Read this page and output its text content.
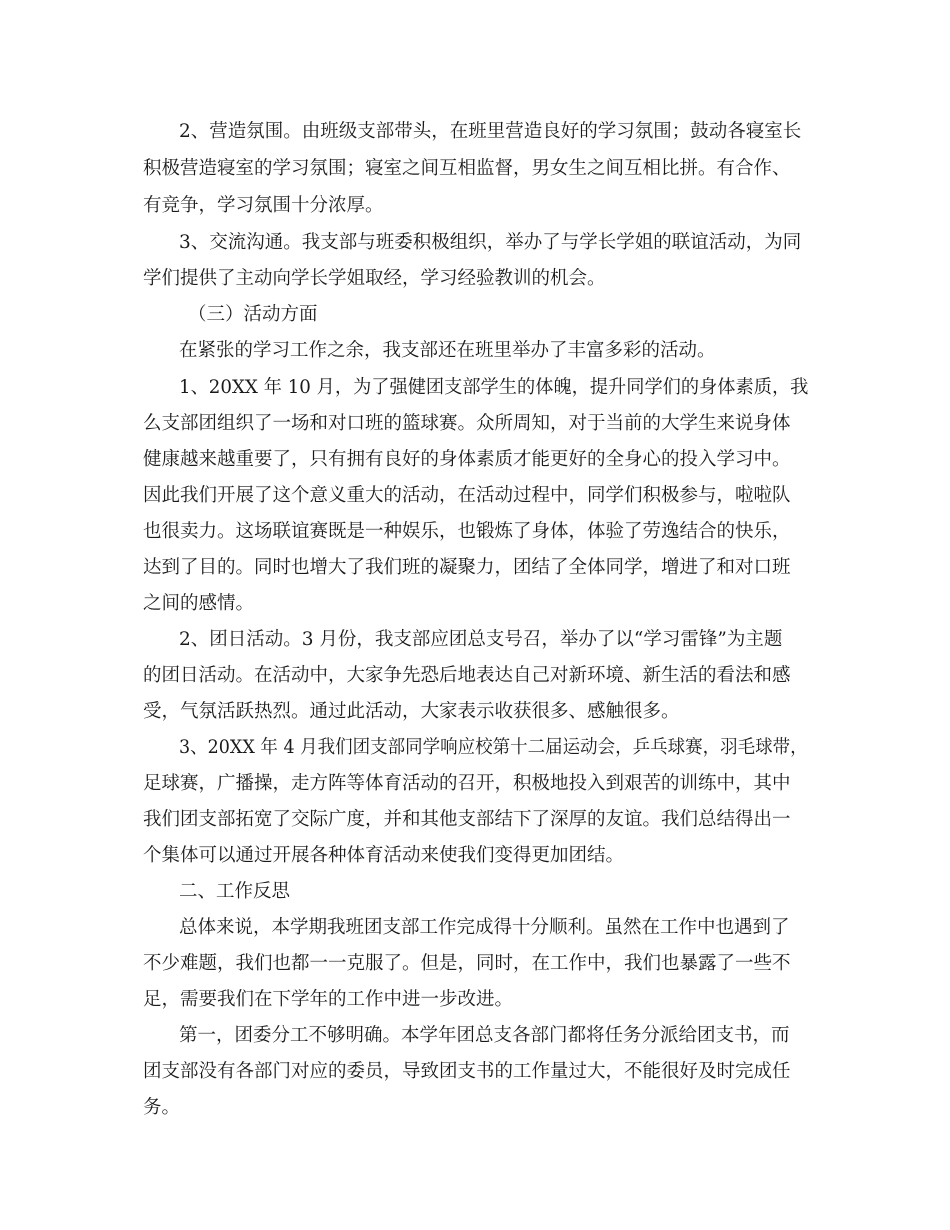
2、营造氛围。由班级支部带头，在班里营造良好的学习氛围；鼓动各寝室长
积极营造寝室的学习氛围；寝室之间互相监督，男女生之间互相比拼。有合作、
有竞争，学习氛围十分浓厚。
3、交流沟通。我支部与班委积极组织，举办了与学长学姐的联谊活动，为同
学们提供了主动向学长学姐取经，学习经验教训的机会。
（三）活动方面
在紧张的学习工作之余，我支部还在班里举办了丰富多彩的活动。
1、20XX 年 10 月，为了强健团支部学生的体魄，提升同学们的身体素质，我
么支部团组织了一场和对口班的篮球赛。众所周知，对于当前的大学生来说身体
健康越来越重要了，只有拥有良好的身体素质才能更好的全身心的投入学习中。
因此我们开展了这个意义重大的活动，在活动过程中，同学们积极参与，啦啦队
也很卖力。这场联谊赛既是一种娱乐，也锻炼了身体，体验了劳逸结合的快乐，
达到了目的。同时也增大了我们班的凝聚力，团结了全体同学，增进了和对口班
之间的感情。
2、团日活动。3 月份，我支部应团总支号召，举办了以“学习雷锋”为主题
的团日活动。在活动中，大家争先恐后地表达自己对新环境、新生活的看法和感
受，气氛活跃热烈。通过此活动，大家表示收获很多、感触很多。
3、20XX 年 4 月我们团支部同学响应校第十二届运动会，乒乓球赛，羽毛球带，
足球赛，广播操，走方阵等体育活动的召开，积极地投入到艰苦的训练中，其中
我们团支部拓宽了交际广度，并和其他支部结下了深厚的友谊。我们总结得出一
个集体可以通过开展各种体育活动来使我们变得更加团结。
二、工作反思
总体来说，本学期我班团支部工作完成得十分顺利。虽然在工作中也遇到了
不少难题，我们也都一一克服了。但是，同时，在工作中，我们也暴露了一些不
足，需要我们在下学年的工作中进一步改进。
第一，团委分工不够明确。本学年团总支各部门都将任务分派给团支书，而
团支部没有各部门对应的委员，导致团支书的工作量过大，不能很好及时完成任
务。
